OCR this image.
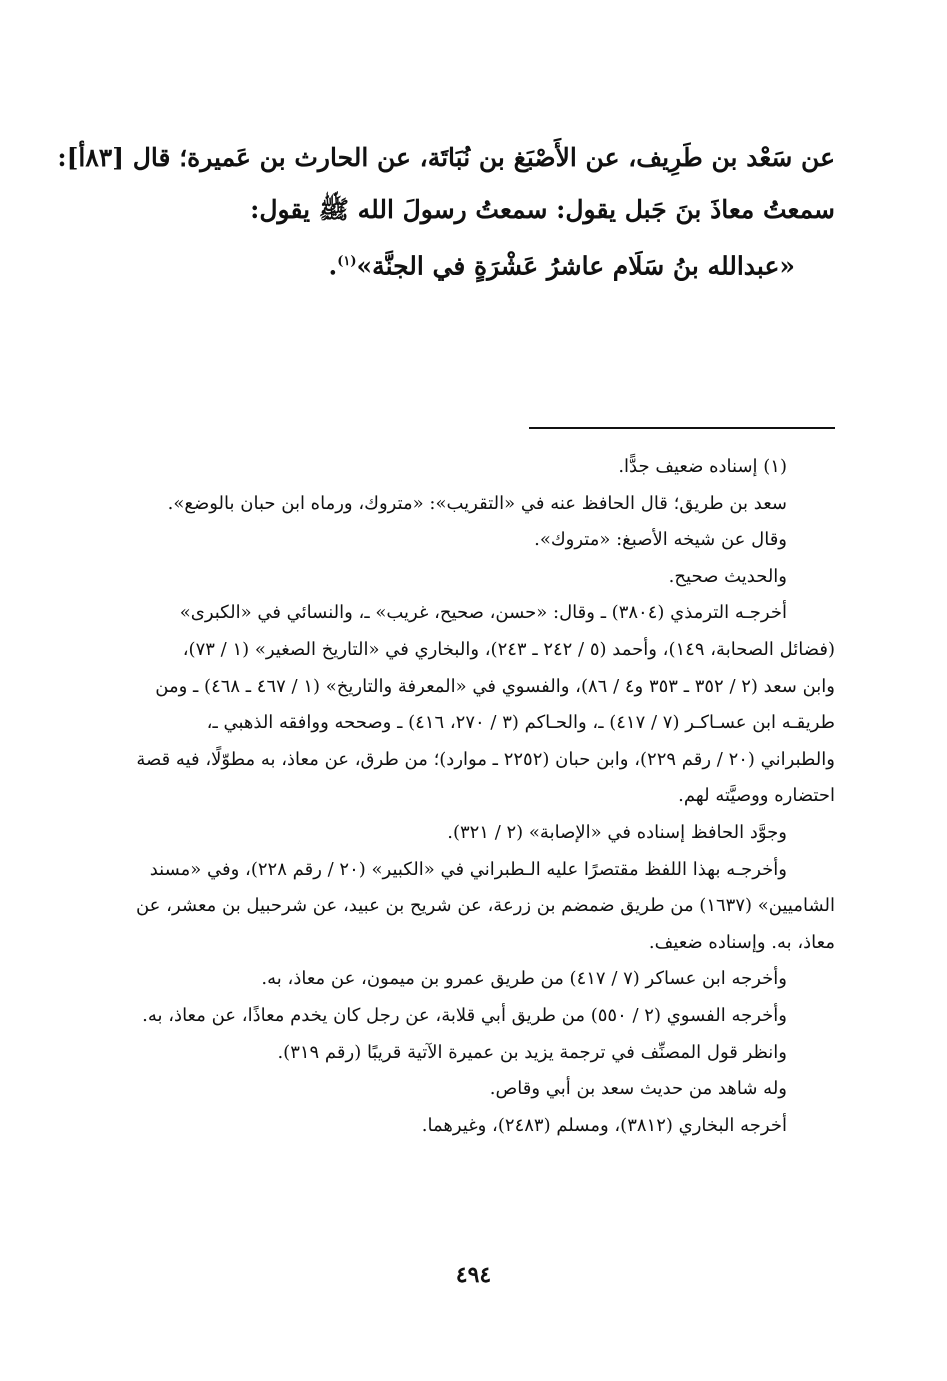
عن سَعْد بن طَرِيف، عن الأَصْبَغ بن نُبَاتَة، عن الحارث بن عَميرة؛ قال [٨٣أ]:
سمعتُ معاذَ بنَ جَبل يقول: سمعتُ رسولَ الله ﷺ يقول:
«عبدالله بنُ سَلَام عاشرُ عَشْرَةٍ في الجنَّة»$^{(١)}$.
(١) إسناده ضعيف جدًّا.
سعد بن طريق؛ قال الحافظ عنه في «التقريب»: «متروك، ورماه ابن حبان بالوضع».
وقال عن شيخه الأصبغ: «متروك».
والحديث صحيح.
أخرجـه الترمذي (٣٨٠٤) ـ وقال: «حسن، صحيح، غريب» ـ، والنسائي في «الكبرى»
(فضائل الصحابة، ١٤٩)، وأحمد (٥ / ٢٤٢ ـ ٢٤٣)، والبخاري في «التاريخ الصغير» (١ / ٧٣)،
وابن سعد (٢ / ٣٥٢ ـ ٣٥٣ و٤ / ٨٦)، والفسوي في «المعرفة والتاريخ» (١ / ٤٦٧ ـ ٤٦٨) ـ ومن
طريقـه ابن عسـاكـر (٧ / ٤١٧) ـ، والحـاكم (٣ / ٢٧٠، ٤١٦) ـ وصححه ووافقه الذهبي ـ،
والطبراني (٢٠ / رقم ٢٢٩)، وابن حبان (٢٢٥٢ ـ موارد)؛ من طرق، عن معاذ، به مطوّلًا، فيه قصة
احتضاره ووصيَّته لهم.
وجوَّد الحافظ إسناده في «الإصابة» (٢ / ٣٢١).
وأخرجـه بهذا اللفظ مقتصرًا عليه الـطبراني في «الكبير» (٢٠ / رقم ٢٢٨)، وفي «مسند
الشاميين» (١٦٣٧) من طريق ضمضم بن زرعة، عن شريح بن عبيد، عن شرحبيل بن معشر، عن
معاذ، به. وإسناده ضعيف.
وأخرجه ابن عساكر (٧ / ٤١٧) من طريق عمرو بن ميمون، عن معاذ، به.
وأخرجه الفسوي (٢ / ٥٥٠) من طريق أبي قلابة، عن رجل كان يخدم معاذًا، عن معاذ، به.
وانظر قول المصنِّف في ترجمة يزيد بن عميرة الآتية قريبًا (رقم ٣١٩).
وله شاهد من حديث سعد بن أبي وقاص.
أخرجه البخاري (٣٨١٢)، ومسلم (٢٤٨٣)، وغيرهما.
٤٩٤
